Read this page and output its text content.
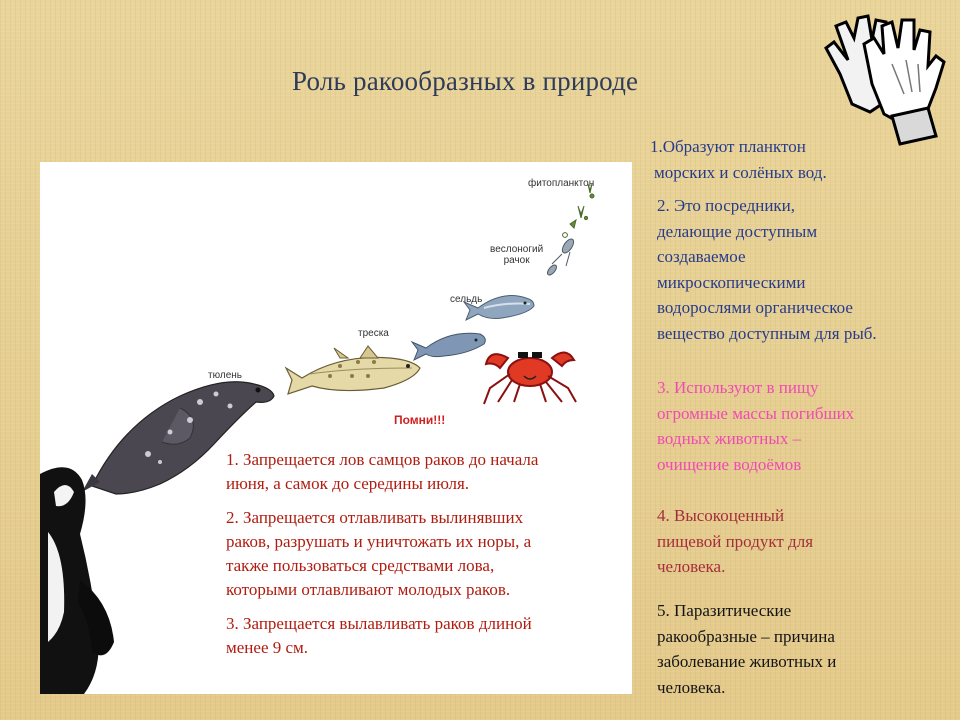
Роль ракообразных в природе
фитопланктон
веслоногий
рачок
сельдь
треска
тюлень
Помни!!!

1. Запрещается лов самцов раков до начала
июня, а самок до середины июля.

2. Запрещается отлавливать вылинявших
раков, разрушать и уничтожать их норы, а
также пользоваться средствами лова,
которыми отлавливают молодых раков.

3. Запрещается вылавливать раков длиной
менее 9 см.

1.Образуют планктон
морских и солёных вод.
2. Это посредники,
делающие доступным
создаваемое
микроскопическими
водорослями органическое
вещество доступным для рыб.
3. Используют в пищу
огромные массы погибших
водных животных –
очищение водоёмов
4. Высокоценный
пищевой продукт для
человека.
5. Паразитические
ракообразные – причина
заболевание животных и
человека.
